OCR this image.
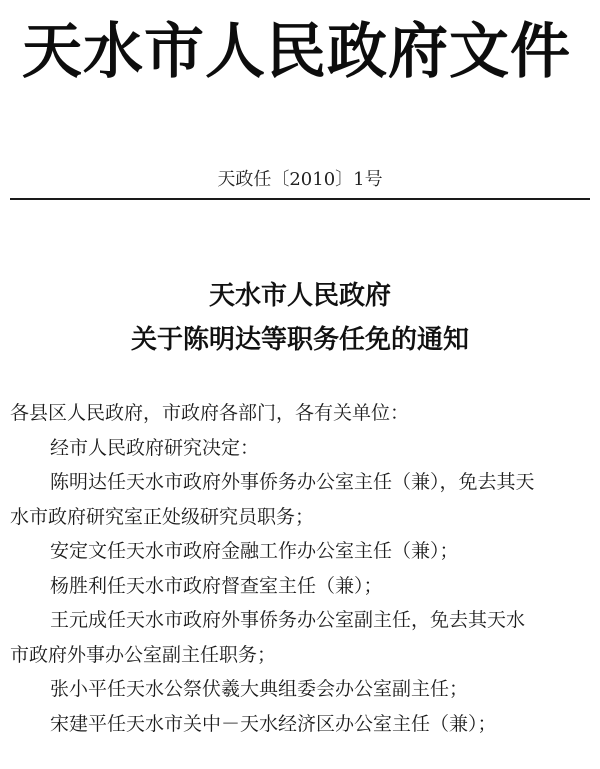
天水市人民政府文件
天政任〔2010〕1号
天水市人民政府
关于陈明达等职务任免的通知

各县区人民政府，市政府各部门，各有关单位：

经市人民政府研究决定：

陈明达任天水市政府外事侨务办公室主任（兼），免去其天

水市政府研究室正处级研究员职务；

安定文任天水市政府金融工作办公室主任（兼）；

杨胜利任天水市政府督查室主任（兼）；

王元成任天水市政府外事侨务办公室副主任，免去其天水

市政府外事办公室副主任职务；

张小平任天水公祭伏羲大典组委会办公室副主任；

宋建平任天水市关中－天水经济区办公室主任（兼）；
